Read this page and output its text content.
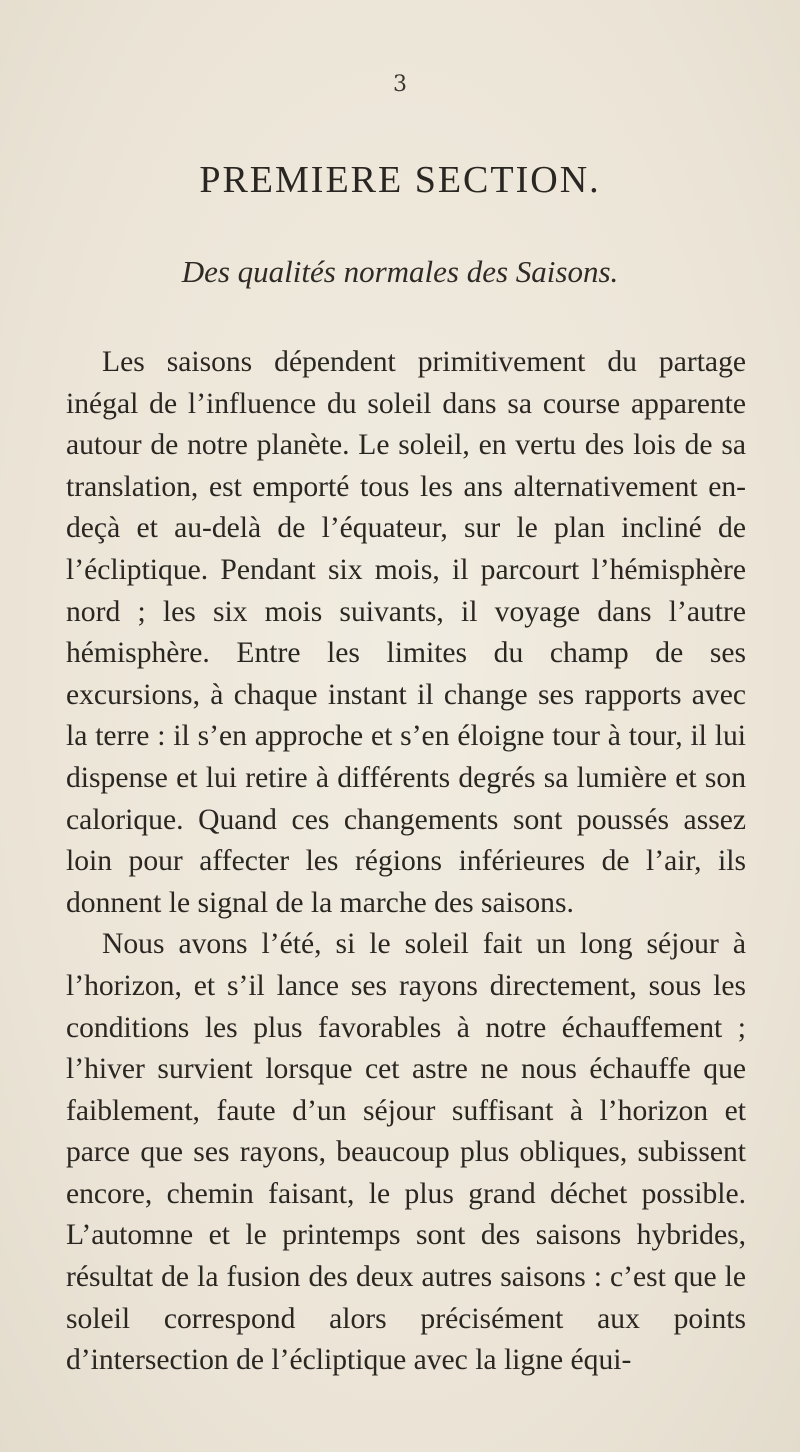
3
PREMIERE SECTION.
Des qualités normales des Saisons.

Les saisons dépendent primitivement du partage inégal de l’influence du soleil dans sa course apparente autour de notre planète. Le soleil, en vertu des lois de sa translation, est emporté tous les ans alternativement en-deçà et au-delà de l’équateur, sur le plan incliné de l’écliptique. Pendant six mois, il parcourt l’hémisphère nord ; les six mois suivants, il voyage dans l’autre hémisphère. Entre les limites du champ de ses excursions, à chaque instant il change ses rapports avec la terre : il s’en approche et s’en éloigne tour à tour, il lui dispense et lui retire à différents degrés sa lumière et son calorique. Quand ces changements sont poussés assez loin pour affecter les régions inférieures de l’air, ils donnent le signal de la marche des saisons.

Nous avons l’été, si le soleil fait un long séjour à l’horizon, et s’il lance ses rayons directement, sous les conditions les plus favorables à notre échauffement ; l’hiver survient lorsque cet astre ne nous échauffe que faiblement, faute d’un séjour suffisant à l’horizon et parce que ses rayons, beaucoup plus obliques, subissent encore, chemin faisant, le plus grand déchet possible. L’automne et le printemps sont des saisons hybrides, résultat de la fusion des deux autres saisons : c’est que le soleil correspond alors précisément aux points d’intersection de l’écliptique avec la ligne équi-
